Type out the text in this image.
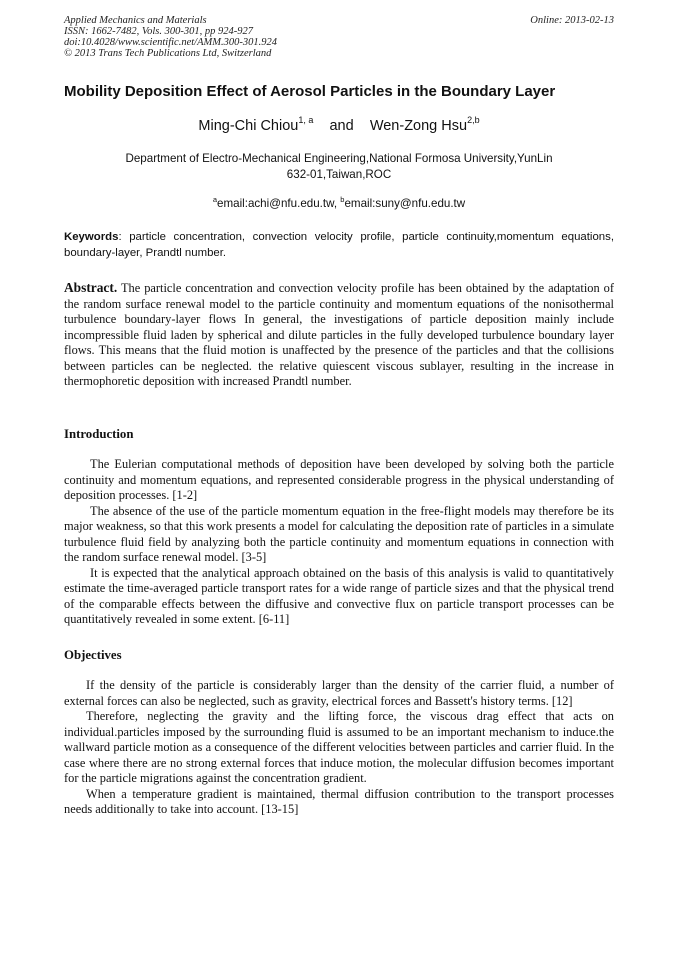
Applied Mechanics and Materials
ISSN: 1662-7482, Vols. 300-301, pp 924-927
doi:10.4028/www.scientific.net/AMM.300-301.924
© 2013 Trans Tech Publications Ltd, Switzerland
Online: 2013-02-13
Mobility Deposition Effect of Aerosol Particles in the Boundary Layer
Ming-Chi Chiou$^{1, a}$ and Wen-Zong Hsu$^{2,b}$
Department of Electro-Mechanical Engineering,National Formosa University,YunLin
632-01,Taiwan,ROC
$^a$email:achi@nfu.edu.tw, $^b$email:suny@nfu.edu.tw
Keywords: particle concentration, convection velocity profile, particle continuity,momentum equations, boundary-layer, Prandtl number.
Abstract. The particle concentration and convection velocity profile has been obtained by the adaptation of the random surface renewal model to the particle continuity and momentum equations of the nonisothermal turbulence boundary-layer flows In general, the investigations of particle deposition mainly include incompressible fluid laden by spherical and dilute particles in the fully developed turbulence boundary layer flows. This means that the fluid motion is unaffected by the presence of the particles and that the collisions between particles can be neglected. the relative quiescent viscous sublayer, resulting in the increase in thermophoretic deposition with increased Prandtl number.
Introduction

The Eulerian computational methods of deposition have been developed by solving both the particle continuity and momentum equations, and represented considerable progress in the physical understanding of deposition processes. [1-2]

The absence of the use of the particle momentum equation in the free-flight models may therefore be its major weakness, so that this work presents a model for calculating the deposition rate of particles in a simulate turbulence fluid field by analyzing both the particle continuity and momentum equations in connection with the random surface renewal model. [3-5]

It is expected that the analytical approach obtained on the basis of this analysis is valid to quantitatively estimate the time-averaged particle transport rates for a wide range of particle sizes and that the physical trend of the comparable effects between the diffusive and convective flux on particle transport processes can be quantitatively revealed in some extent. [6-11]

Objectives

If the density of the particle is considerably larger than the density of the carrier fluid, a number of external forces can also be neglected, such as gravity, electrical forces and Bassett's history terms. [12]

Therefore, neglecting the gravity and the lifting force, the viscous drag effect that acts on individual.particles imposed by the surrounding fluid is assumed to be an important mechanism to induce.the wallward particle motion as a consequence of the different velocities between particles and carrier fluid. In the case where there are no strong external forces that induce motion, the molecular diffusion becomes important for the particle migrations against the concentration gradient.

When a temperature gradient is maintained, thermal diffusion contribution to the transport processes needs additionally to take into account. [13-15]
